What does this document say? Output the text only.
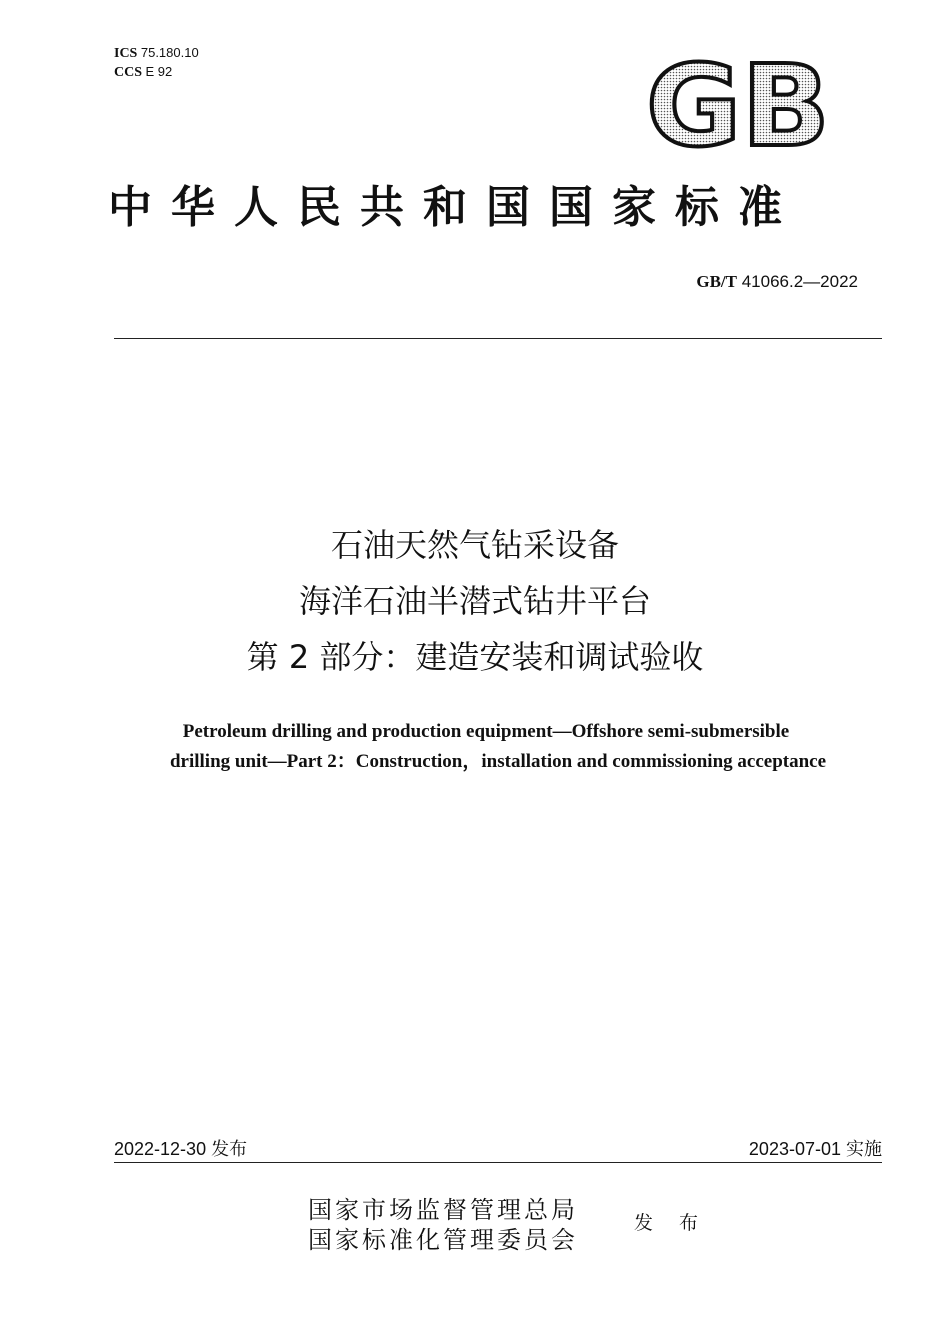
ICS 75.180.10
CCS E 92	GB
中华人民共和国国家标准
GB/T 41066.2—2022
石油天然气钻采设备
海洋石油半潜式钻井平台
第 2 部分：建造安装和调试验收
Petroleum drilling and production equipment—Offshore semi-submersible
drilling unit—Part 2：Construction，installation and commissioning acceptance
2022-12-30 发布	2023-07-01 实施
国家市场监督管理总局
国家标准化管理委员会
发 布
